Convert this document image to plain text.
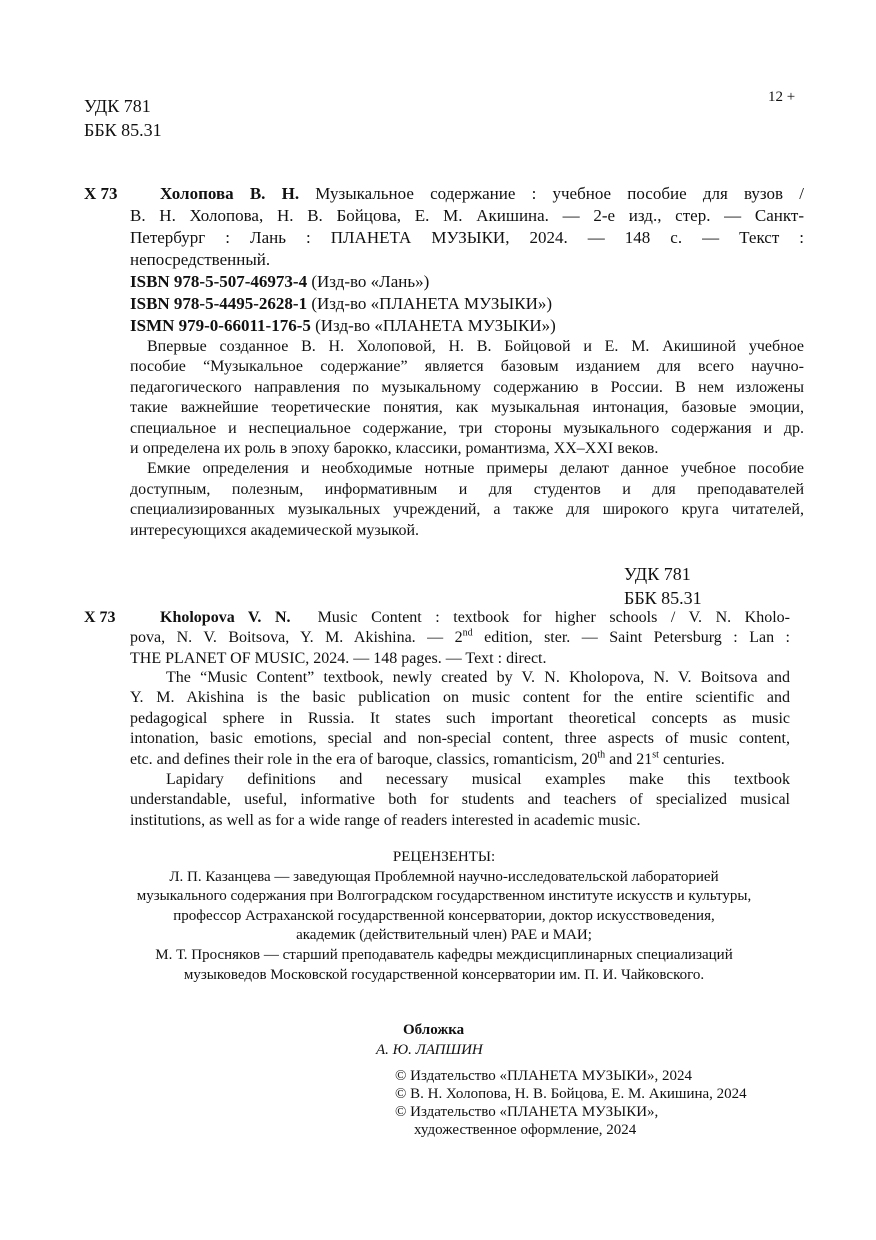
УДК 781
ББК 85.31
12 +
Х 73 Холопова В. Н. Музыкальное содержание : учебное пособие для вузов /
В. Н. Холопова, Н. В. Бойцова, Е. М. Акишина. — 2-е изд., стер. — Санкт-
Петербург : Лань : ПЛАНЕТА МУЗЫКИ, 2024. — 148 с. — Текст :
непосредственный.
ISBN 978-5-507-46973-4 (Изд-во «Лань»)
ISBN 978-5-4495-2628-1 (Изд-во «ПЛАНЕТА МУЗЫКИ»)
ISMN 979-0-66011-176-5 (Изд-во «ПЛАНЕТА МУЗЫКИ»)
Впервые созданное В. Н. Холоповой, Н. В. Бойцовой и Е. М. Акишиной учебное
пособие “Музыкальное содержание” является базовым изданием для всего научно-
педагогического направления по музыкальному содержанию в России. В нем изложены
такие важнейшие теоретические понятия, как музыкальная интонация, базовые эмоции,
специальное и неспециальное содержание, три стороны музыкального содержания и др.
и определена их роль в эпоху барокко, классики, романтизма, XX–XXI веков.
Емкие определения и необходимые нотные примеры делают данное учебное пособие
доступным, полезным, информативным и для студентов и для преподавателей
специализированных музыкальных учреждений, а также для широкого круга читателей,
интересующихся академической музыкой.
УДК 781
ББК 85.31
Х 73	Kholopova V. N. Music Content : textbook for higher schools / V. N. Kholo-
pova, N. V. Boitsova, Y. M. Akishina. — 2nd edition, ster. — Saint Petersburg : Lan :
THE PLANET OF MUSIC, 2024. — 148 pages. — Text : direct.
The “Music Content” textbook, newly created by V. N. Kholopova, N. V. Boitsova and
Y. M. Akishina is the basic publication on music content for the entire scientific and
pedagogical sphere in Russia. It states such important theoretical concepts as music
intonation, basic emotions, special and non-special content, three aspects of music content,
etc. and defines their role in the era of baroque, classics, romanticism, 20th and 21st centuries.
Lapidary definitions and necessary musical examples make this textbook
understandable, useful, informative both for students and teachers of specialized musical
institutions, as well as for a wide range of readers interested in academic music.
РЕЦЕНЗЕНТЫ:
Л. П. Казанцева — заведующая Проблемной научно-исследовательской лабораторией
музыкального содержания при Волгоградском государственном институте искусств и культуры,
профессор Астраханской государственной консерватории, доктор искусствоведения,
академик (действительный член) РАЕ и МАИ;
М. Т. Просняков — старший преподаватель кафедры междисциплинарных специализаций
музыковедов Московской государственной консерватории им. П. И. Чайковского.
Обложка
А. Ю. ЛАПШИН
© Издательство «ПЛАНЕТА МУЗЫКИ», 2024
© В. Н. Холопова, Н. В. Бойцова, Е. М. Акишина, 2024
© Издательство «ПЛАНЕТА МУЗЫКИ»,
художественное оформление, 2024
